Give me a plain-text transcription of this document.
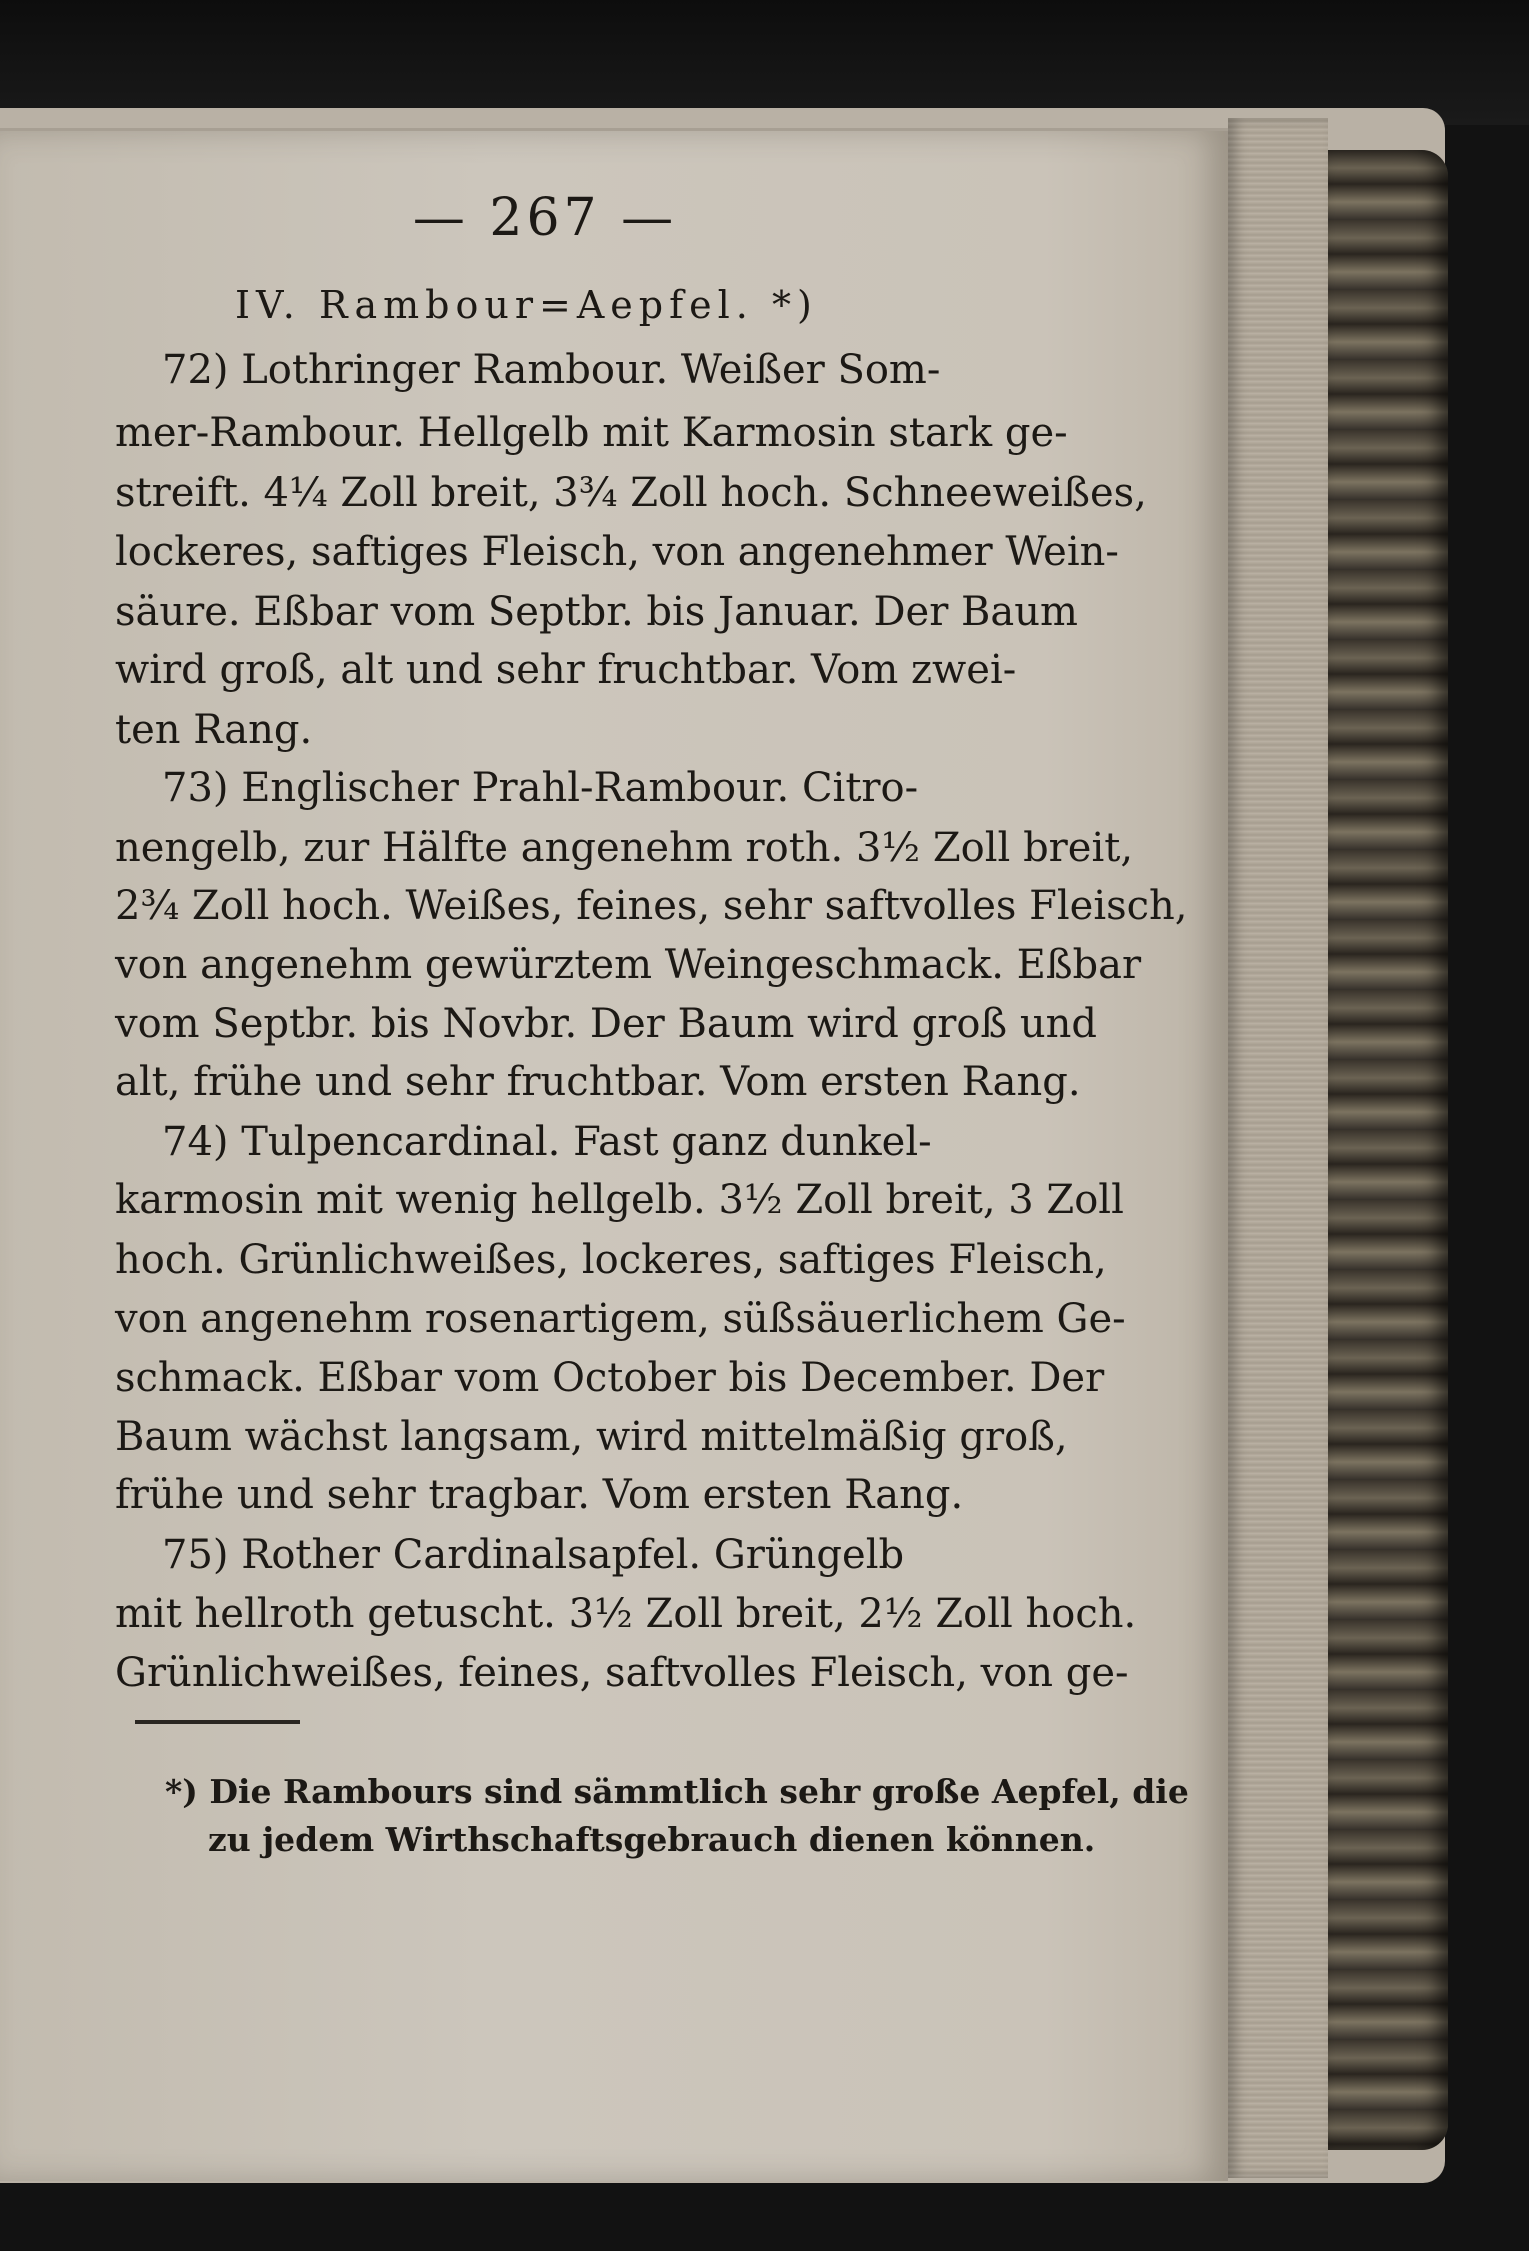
— 267 —
IV. Rambour=Aepfel. *)
72) Lothringer Rambour. Weißer Som-
mer-Rambour. Hellgelb mit Karmosin stark ge-
streift. 4¼ Zoll breit, 3¾ Zoll hoch. Schneeweißes,
lockeres, saftiges Fleisch, von angenehmer Wein-
säure. Eßbar vom Septbr. bis Januar. Der Baum
wird groß, alt und sehr fruchtbar. Vom zwei-
ten Rang.
73) Englischer Prahl-Rambour. Citro-
nengelb, zur Hälfte angenehm roth. 3½ Zoll breit,
2¾ Zoll hoch. Weißes, feines, sehr saftvolles Fleisch,
von angenehm gewürztem Weingeschmack. Eßbar
vom Septbr. bis Novbr. Der Baum wird groß und
alt, frühe und sehr fruchtbar. Vom ersten Rang.
74) Tulpencardinal. Fast ganz dunkel-
karmosin mit wenig hellgelb. 3½ Zoll breit, 3 Zoll
hoch. Grünlichweißes, lockeres, saftiges Fleisch,
von angenehm rosenartigem, süßsäuerlichem Ge-
schmack. Eßbar vom October bis December. Der
Baum wächst langsam, wird mittelmäßig groß,
frühe und sehr tragbar. Vom ersten Rang.
75) Rother Cardinalsapfel. Grüngelb
mit hellroth getuscht. 3½ Zoll breit, 2½ Zoll hoch.
Grünlichweißes, feines, saftvolles Fleisch, von ge-
*) Die Rambours sind sämmtlich sehr große Aepfel, die
zu jedem Wirthschaftsgebrauch dienen können.
